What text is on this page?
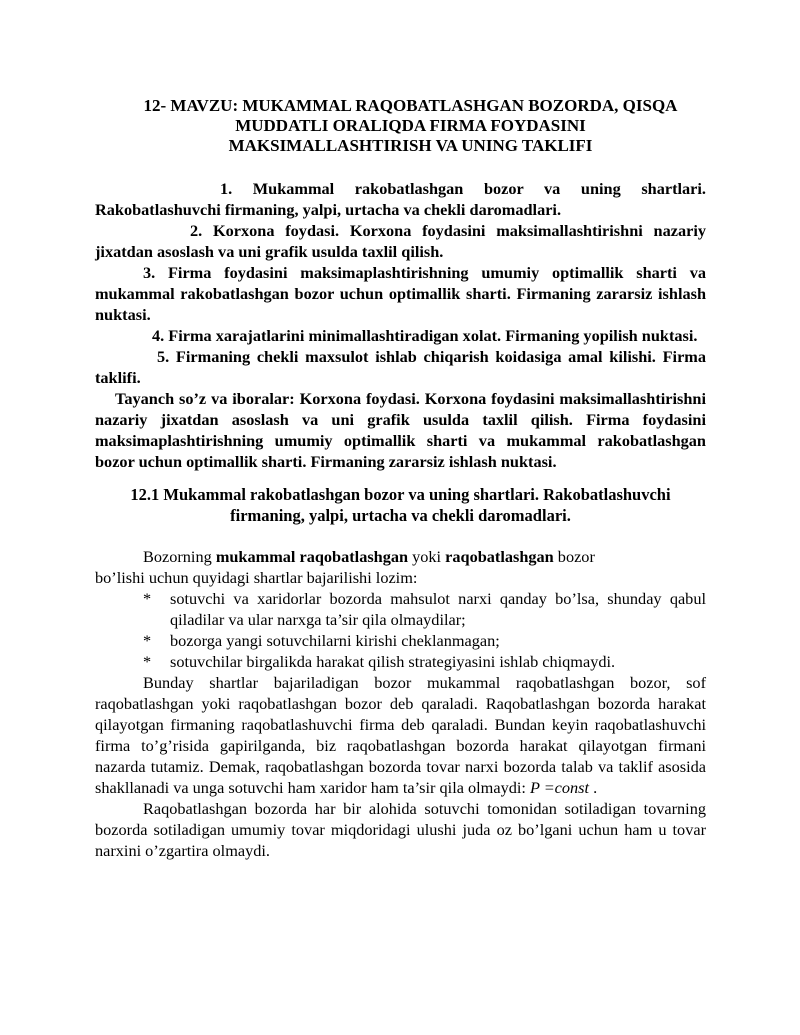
12- MAVZU: MUKAMMAL RAQOBATLASHGAN BOZORDA, QISQA

MUDDATLI ORALIQDA FIRMA FOYDASINI

MAKSIMALLASHTIRISH VA UNING TAKLIFI

1. Mukammal rakobatlashgan bozor va uning shartlari. Rakobatlashuvchi firmaning, yalpi, urtacha va chekli daromadlari.

2. Korxona foydasi. Korxona foydasini maksimallashtirishni nazariy jixatdan asoslash va uni grafik usulda taxlil qilish.

3. Firma foydasini maksimaplashtirishning umumiy optimallik sharti va mukammal rakobatlashgan bozor uchun optimallik sharti. Firmaning zararsiz ishlash nuktasi.

4. Firma xarajatlarini minimallashtiradigan xolat. Firmaning yopilish nuktasi.

5. Firmaning chekli maxsulot ishlab chiqarish koidasiga amal kilishi. Firma taklifi.

Tayanch so’z va iboralar: Korxona foydasi. Korxona foydasini maksimallashtirishni nazariy jixatdan asoslash va uni grafik usulda taxlil qilish. Firma foydasini maksimaplashtirishning umumiy optimallik sharti va mukammal rakobatlashgan bozor uchun optimallik sharti. Firmaning zararsiz ishlash nuktasi.

12.1 Mukammal rakobatlashgan bozor va uning shartlari. Rakobatlashuvchi

firmaning, yalpi, urtacha va chekli daromadlari.

Bozorning mukammal raqobatlashgan yoki raqobatlashgan bozor

bo’lishi uchun quyidagi shartlar bajarilishi lozim:

* sotuvchi va xaridorlar bozorda mahsulot narxi qanday bo’lsa, shunday qabul qiladilar va ular narxga ta’sir qila olmaydilar;
* bozorga yangi sotuvchilarni kirishi cheklanmagan;
* sotuvchilar birgalikda harakat qilish strategiyasini ishlab chiqmaydi.

Bunday shartlar bajariladigan bozor mukammal raqobatlashgan bozor, sof raqobatlashgan yoki raqobatlashgan bozor deb qaraladi. Raqobatlashgan bozorda harakat qilayotgan firmaning raqobatlashuvchi firma deb qaraladi. Bundan keyin raqobatlashuvchi firma to’g’risida gapirilganda, biz raqobatlashgan bozorda harakat qilayotgan firmani nazarda tutamiz. Demak, raqobatlashgan bozorda tovar narxi bozorda talab va taklif asosida shakllanadi va unga sotuvchi ham xaridor ham ta’sir qila olmaydi: P =const .

Raqobatlashgan bozorda har bir alohida sotuvchi tomonidan sotiladigan tovarning bozorda sotiladigan umumiy tovar miqdoridagi ulushi juda oz bo’lgani uchun ham u tovar narxini o’zgartira olmaydi.
